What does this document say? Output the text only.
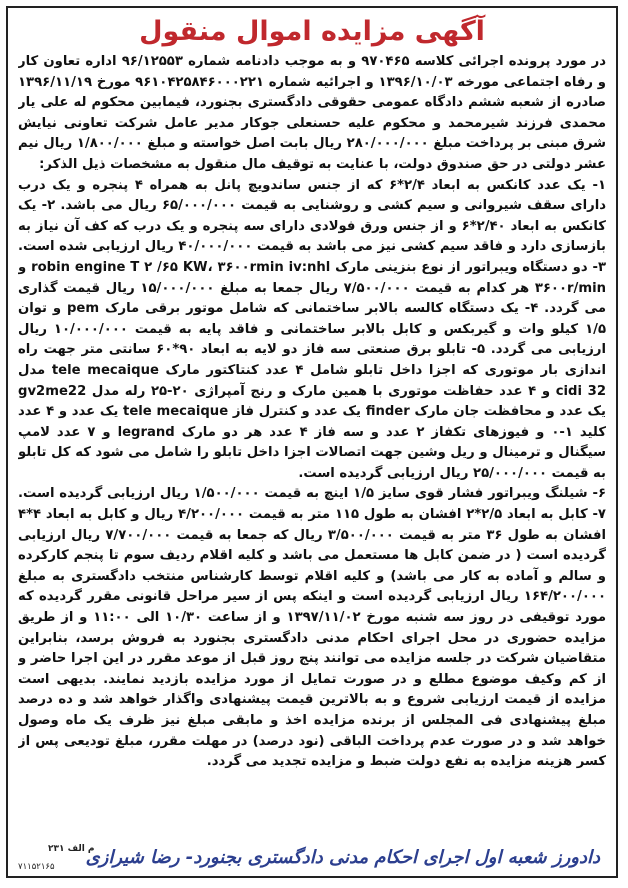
آگهی مزایده اموال منقول

در مورد پرونده اجرائی کلاسه ۹۷۰۴۶۵ و به موجب دادنامه شماره ۹۶/۱۲۵۵۳ اداره تعاون کار و رفاه اجتماعی مورخه ۱۳۹۶/۱۰/۰۳ و اجرائیه شماره ۹۶۱۰۴۲۵۸۴۶۰۰۰۲۲۱ مورخ ۱۳۹۶/۱۱/۱۹ صادره از شعبه ششم دادگاه عمومی حقوقی دادگستری بجنورد، فیمابین محکوم له علی یار محمدی فرزند شیرمحمد و محکوم علیه حسنعلی جوکار مدیر عامل شرکت تعاونی نیایش شرق مبنی بر پرداخت مبلغ ۲۸۰/۰۰۰/۰۰۰ ریال بابت اصل خواسته و مبلغ ۱/۸۰۰/۰۰۰ ریال نیم عشر دولتی در حق صندوق دولت، با عنایت به توقیف مال منقول به مشخصات ذیل الذکر:

۱- یک عدد کانکس به ابعاد ۲/۴*۶ که از جنس ساندویچ پانل به همراه ۴ پنجره و یک درب دارای سقف شیروانی و سیم کشی و روشنایی به قیمت ۶۵/۰۰۰/۰۰۰ ریال می باشد. ۲- یک کانکس به ابعاد ۲/۴۰*۶ و از جنس ورق فولادی دارای سه پنجره و یک درب که کف آن نیاز به بازسازی دارد و فاقد سیم کشی نیز می باشد به قیمت ۴۰/۰۰۰/۰۰۰ ریال ارزیابی شده است. ۳- دو دستگاه ویبراتور از نوع بنزینی مارک robin engine T ۲ /۶۵ KW، ۳۶۰۰rmin iv:nhl و ۳۶۰۰r/min هر کدام به قیمت ۷/۵۰۰/۰۰۰ ریال جمعا به مبلغ ۱۵/۰۰۰/۰۰۰ ریال قیمت گذاری می گردد. ۴- یک دستگاه کالسه بالابر ساختمانی که شامل موتور برقی مارک pem و توان ۱/۵ کیلو وات و گیربکس و کابل بالابر ساختمانی و فاقد پایه به قیمت ۱۰/۰۰۰/۰۰۰ ریال ارزیابی می گردد. ۵- تابلو برق صنعتی سه فاز دو لایه به ابعاد ۹۰*۶۰ سانتی متر جهت راه اندازی بار موتوری که اجزا داخل تابلو شامل ۴ عدد کنتاکتور مارک tele mecaique مدل cidi 32 و ۴ عدد حفاظت موتوری با همین مارک و رنج آمپراژی ۲۰-۲۵ رله مدل gv2me22 یک عدد و محافظت جان مارک finder یک عدد و کنترل فاز tele mecaique یک عدد و ۴ عدد کلید ۱-۰ و فیوزهای تکفاز ۲ عدد و سه فاز ۴ عدد هر دو مارک legrand و ۷ عدد لامپ سیگنال و ترمینال و ریل وشین جهت اتصالات اجزا داخل تابلو را شامل می شود که کل تابلو به قیمت ۲۵/۰۰۰/۰۰۰ ریال ارزیابی گردیده است.

۶- شیلنگ ویبراتور فشار قوی سایز ۱/۵ اینچ به قیمت ۱/۵۰۰/۰۰۰ ریال ارزیابی گردیده است. ۷- کابل به ابعاد ۲/۵*۲ افشان به طول ۱۱۵ متر به قیمت ۴/۲۰۰/۰۰۰ ریال و کابل به ابعاد ۴*۴ افشان به طول ۳۶ متر به قیمت ۳/۵۰۰/۰۰۰ ریال که جمعا به قیمت ۷/۷۰۰/۰۰۰ ریال ارزیابی گردیده است ( در ضمن کابل ها مستعمل می باشد و کلیه اقلام ردیف سوم تا پنجم کارکرده و سالم و آماده به کار می باشد) و کلیه اقلام توسط کارشناس منتخب دادگستری به مبلغ ۱۶۴/۲۰۰/۰۰۰ ریال ارزیابی گردیده است و اینکه پس از سیر مراحل قانونی مقرر گردیده که مورد توقیفی در روز سه شنبه مورخ ۱۳۹۷/۱۱/۰۲ و از ساعت ۱۰/۳۰ الی ۱۱:۰۰ و از طریق مزایده حضوری در محل اجرای احکام مدنی دادگستری بجنورد به فروش برسد، بنابراین متقاضیان شرکت در جلسه مزایده می توانند پنج روز قبل از موعد مقرر در این اجرا حاضر و از کم وکیف موضوع مطلع و در صورت تمایل از مورد مزایده بازدید نمایند. بدیهی است مزایده از قیمت ارزیابی شروع و به بالاترین قیمت پیشنهادی واگذار خواهد شد و ده درصد مبلغ پیشنهادی فی المجلس از برنده مزایده اخذ و مابقی مبلغ نیز ظرف یک ماه وصول خواهد شد و در صورت عدم پرداخت الباقی (نود درصد) در مهلت مقرر، مبلغ تودیعی پس از کسر هزینه مزایده به نفع دولت ضبط و مزایده تجدید می گردد.

م الف ۲۳۱
۷۱۱۵۲۱۶۵ دادورز شعبه اول اجرای احکام مدنی دادگستری بجنورد- رضا شیرازی
